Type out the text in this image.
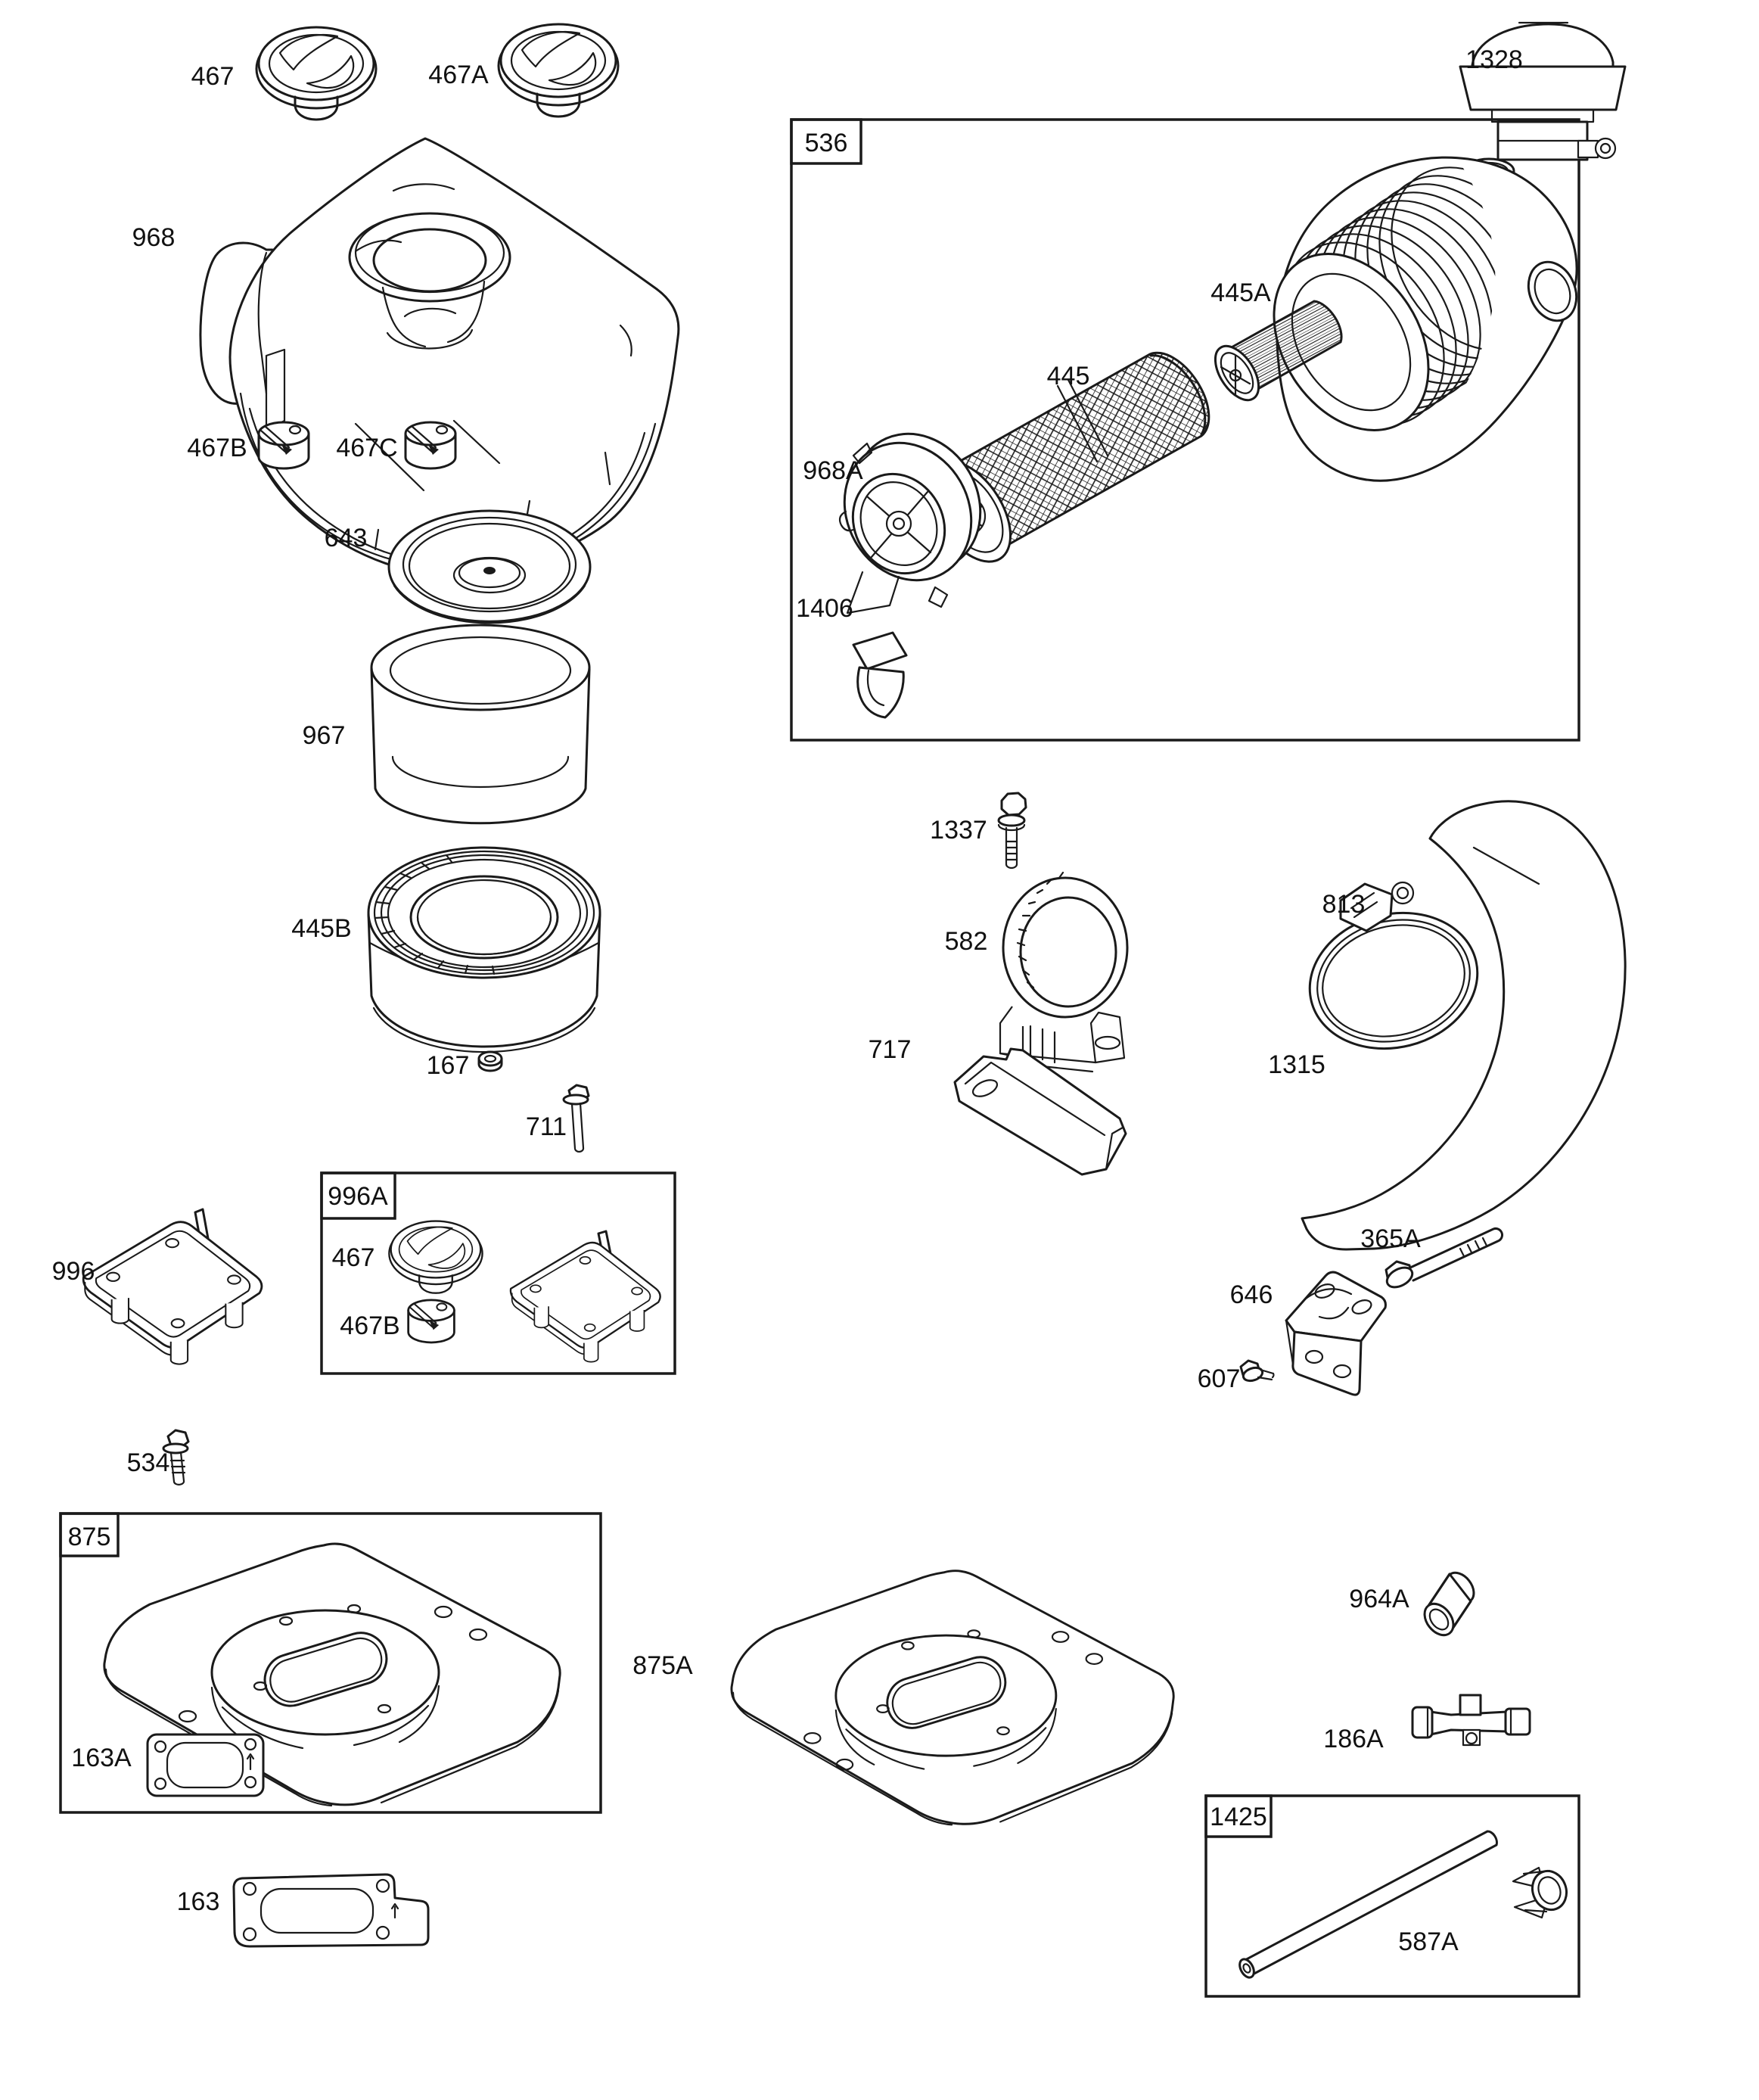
467	467A
968
467B	467C
643
967
445B
167
711
996
534
163A
163
968A
1406
445
445A
1328
1337
582
717
813
1315
365A
646
607
875A
964A
186A
587A
467
467B
536
996A
875
1425
